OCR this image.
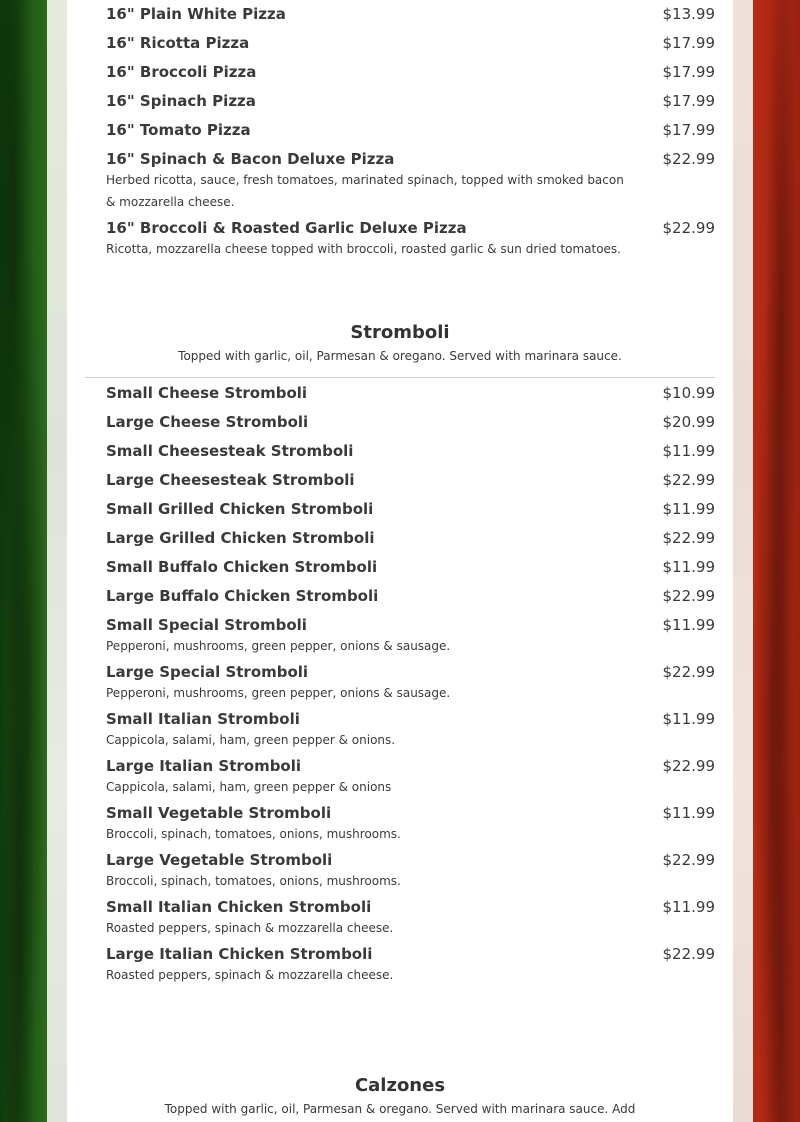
16" Plain White Pizza	$13.99
16" Ricotta Pizza	$17.99
16" Broccoli Pizza	$17.99
16" Spinach Pizza	$17.99
16" Tomato Pizza	$17.99
16" Spinach & Bacon Deluxe Pizza	$22.99
Herbed ricotta, sauce, fresh tomatoes, marinated spinach, topped with smoked bacon & mozzarella cheese.
16" Broccoli & Roasted Garlic Deluxe Pizza	$22.99
Ricotta, mozzarella cheese topped with broccoli, roasted garlic & sun dried tomatoes.
Stromboli
Topped with garlic, oil, Parmesan & oregano. Served with marinara sauce.
Small Cheese Stromboli	$10.99
Large Cheese Stromboli	$20.99
Small Cheesesteak Stromboli	$11.99
Large Cheesesteak Stromboli	$22.99
Small Grilled Chicken Stromboli	$11.99
Large Grilled Chicken Stromboli	$22.99
Small Buffalo Chicken Stromboli	$11.99
Large Buffalo Chicken Stromboli	$22.99
Small Special Stromboli	$11.99
Pepperoni, mushrooms, green pepper, onions & sausage.
Large Special Stromboli	$22.99
Pepperoni, mushrooms, green pepper, onions & sausage.
Small Italian Stromboli	$11.99
Cappicola, salami, ham, green pepper & onions.
Large Italian Stromboli	$22.99
Cappicola, salami, ham, green pepper & onions
Small Vegetable Stromboli	$11.99
Broccoli, spinach, tomatoes, onions, mushrooms.
Large Vegetable Stromboli	$22.99
Broccoli, spinach, tomatoes, onions, mushrooms.
Small Italian Chicken Stromboli	$11.99
Roasted peppers, spinach & mozzarella cheese.
Large Italian Chicken Stromboli	$22.99
Roasted peppers, spinach & mozzarella cheese.
Calzones
Topped with garlic, oil, Parmesan & oregano. Served with marinara sauce. Add
